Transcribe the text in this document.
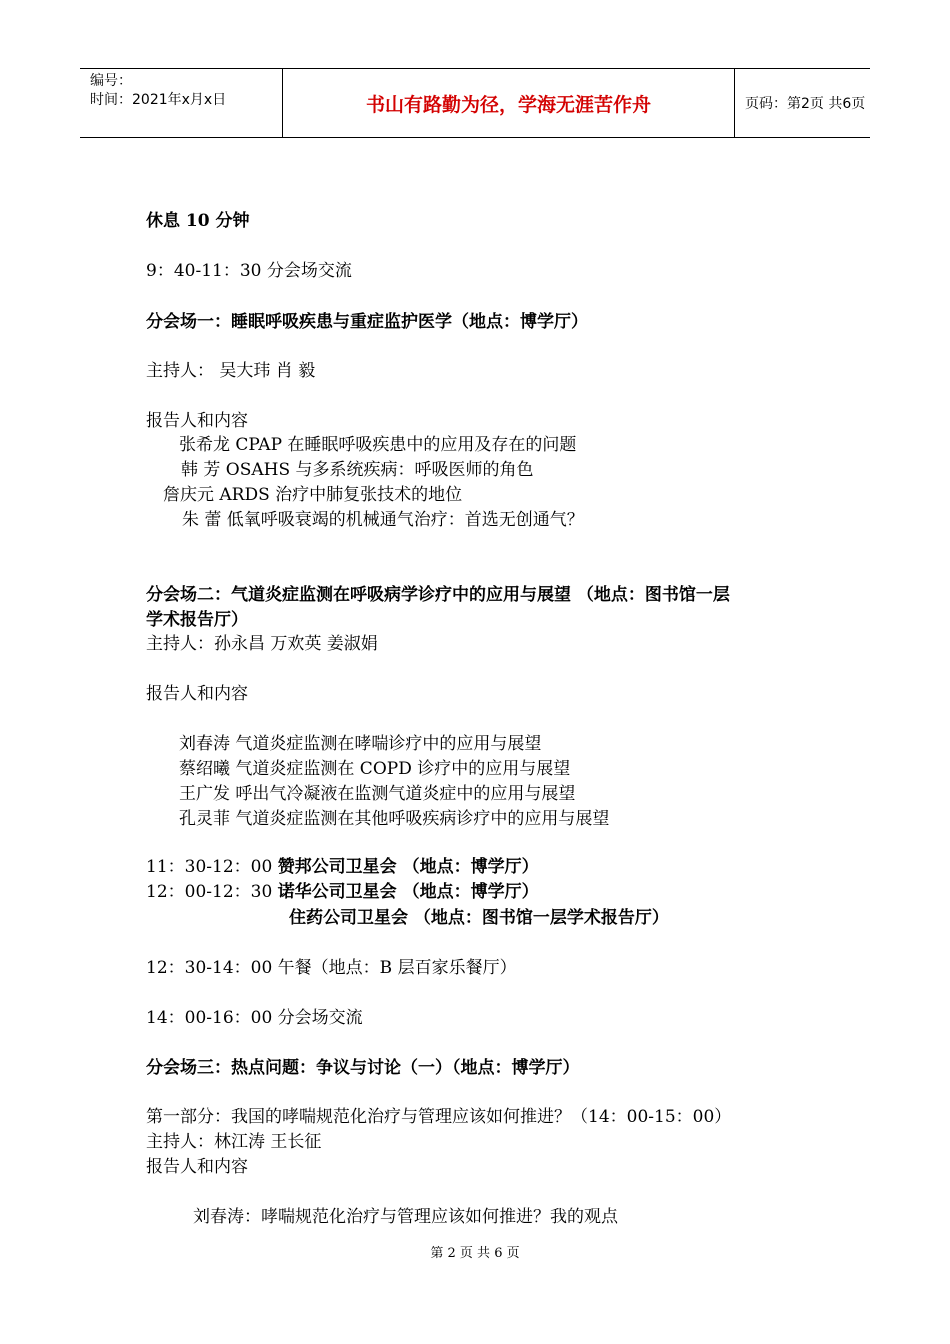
编号：
时间：2021年x月x日	书山有路勤为径，学海无涯苦作舟	页码：第2页 共6页
休息 10 分钟
9：40-11：30 分会场交流
分会场一：睡眠呼吸疾患与重症监护医学（地点：博学厅）
主持人： 吴大玮 肖 毅
报告人和内容
张希龙 CPAP 在睡眠呼吸疾患中的应用及存在的问题
韩 芳 OSAHS 与多系统疾病：呼吸医师的角色
詹庆元 ARDS 治疗中肺复张技术的地位
朱 蕾 低氧呼吸衰竭的机械通气治疗：首选无创通气？
分会场二：气道炎症监测在呼吸病学诊疗中的应用与展望 （地点：图书馆一层
学术报告厅）
主持人：孙永昌 万欢英 姜淑娟
报告人和内容
刘春涛 气道炎症监测在哮喘诊疗中的应用与展望
蔡绍曦 气道炎症监测在 COPD 诊疗中的应用与展望
王广发 呼出气冷凝液在监测气道炎症中的应用与展望
孔灵菲 气道炎症监测在其他呼吸疾病诊疗中的应用与展望
11：30-12：00 赞邦公司卫星会 （地点：博学厅）
12：00-12：30 诺华公司卫星会 （地点：博学厅）
住药公司卫星会 （地点：图书馆一层学术报告厅）
12：30-14：00 午餐（地点：B 层百家乐餐厅）
14：00-16：00 分会场交流
分会场三：热点问题：争议与讨论（一）（地点：博学厅）
第一部分：我国的哮喘规范化治疗与管理应该如何推进？（14：00-15：00）
主持人：林江涛 王长征
报告人和内容
刘春涛：哮喘规范化治疗与管理应该如何推进？我的观点
第 2 页 共 6 页
